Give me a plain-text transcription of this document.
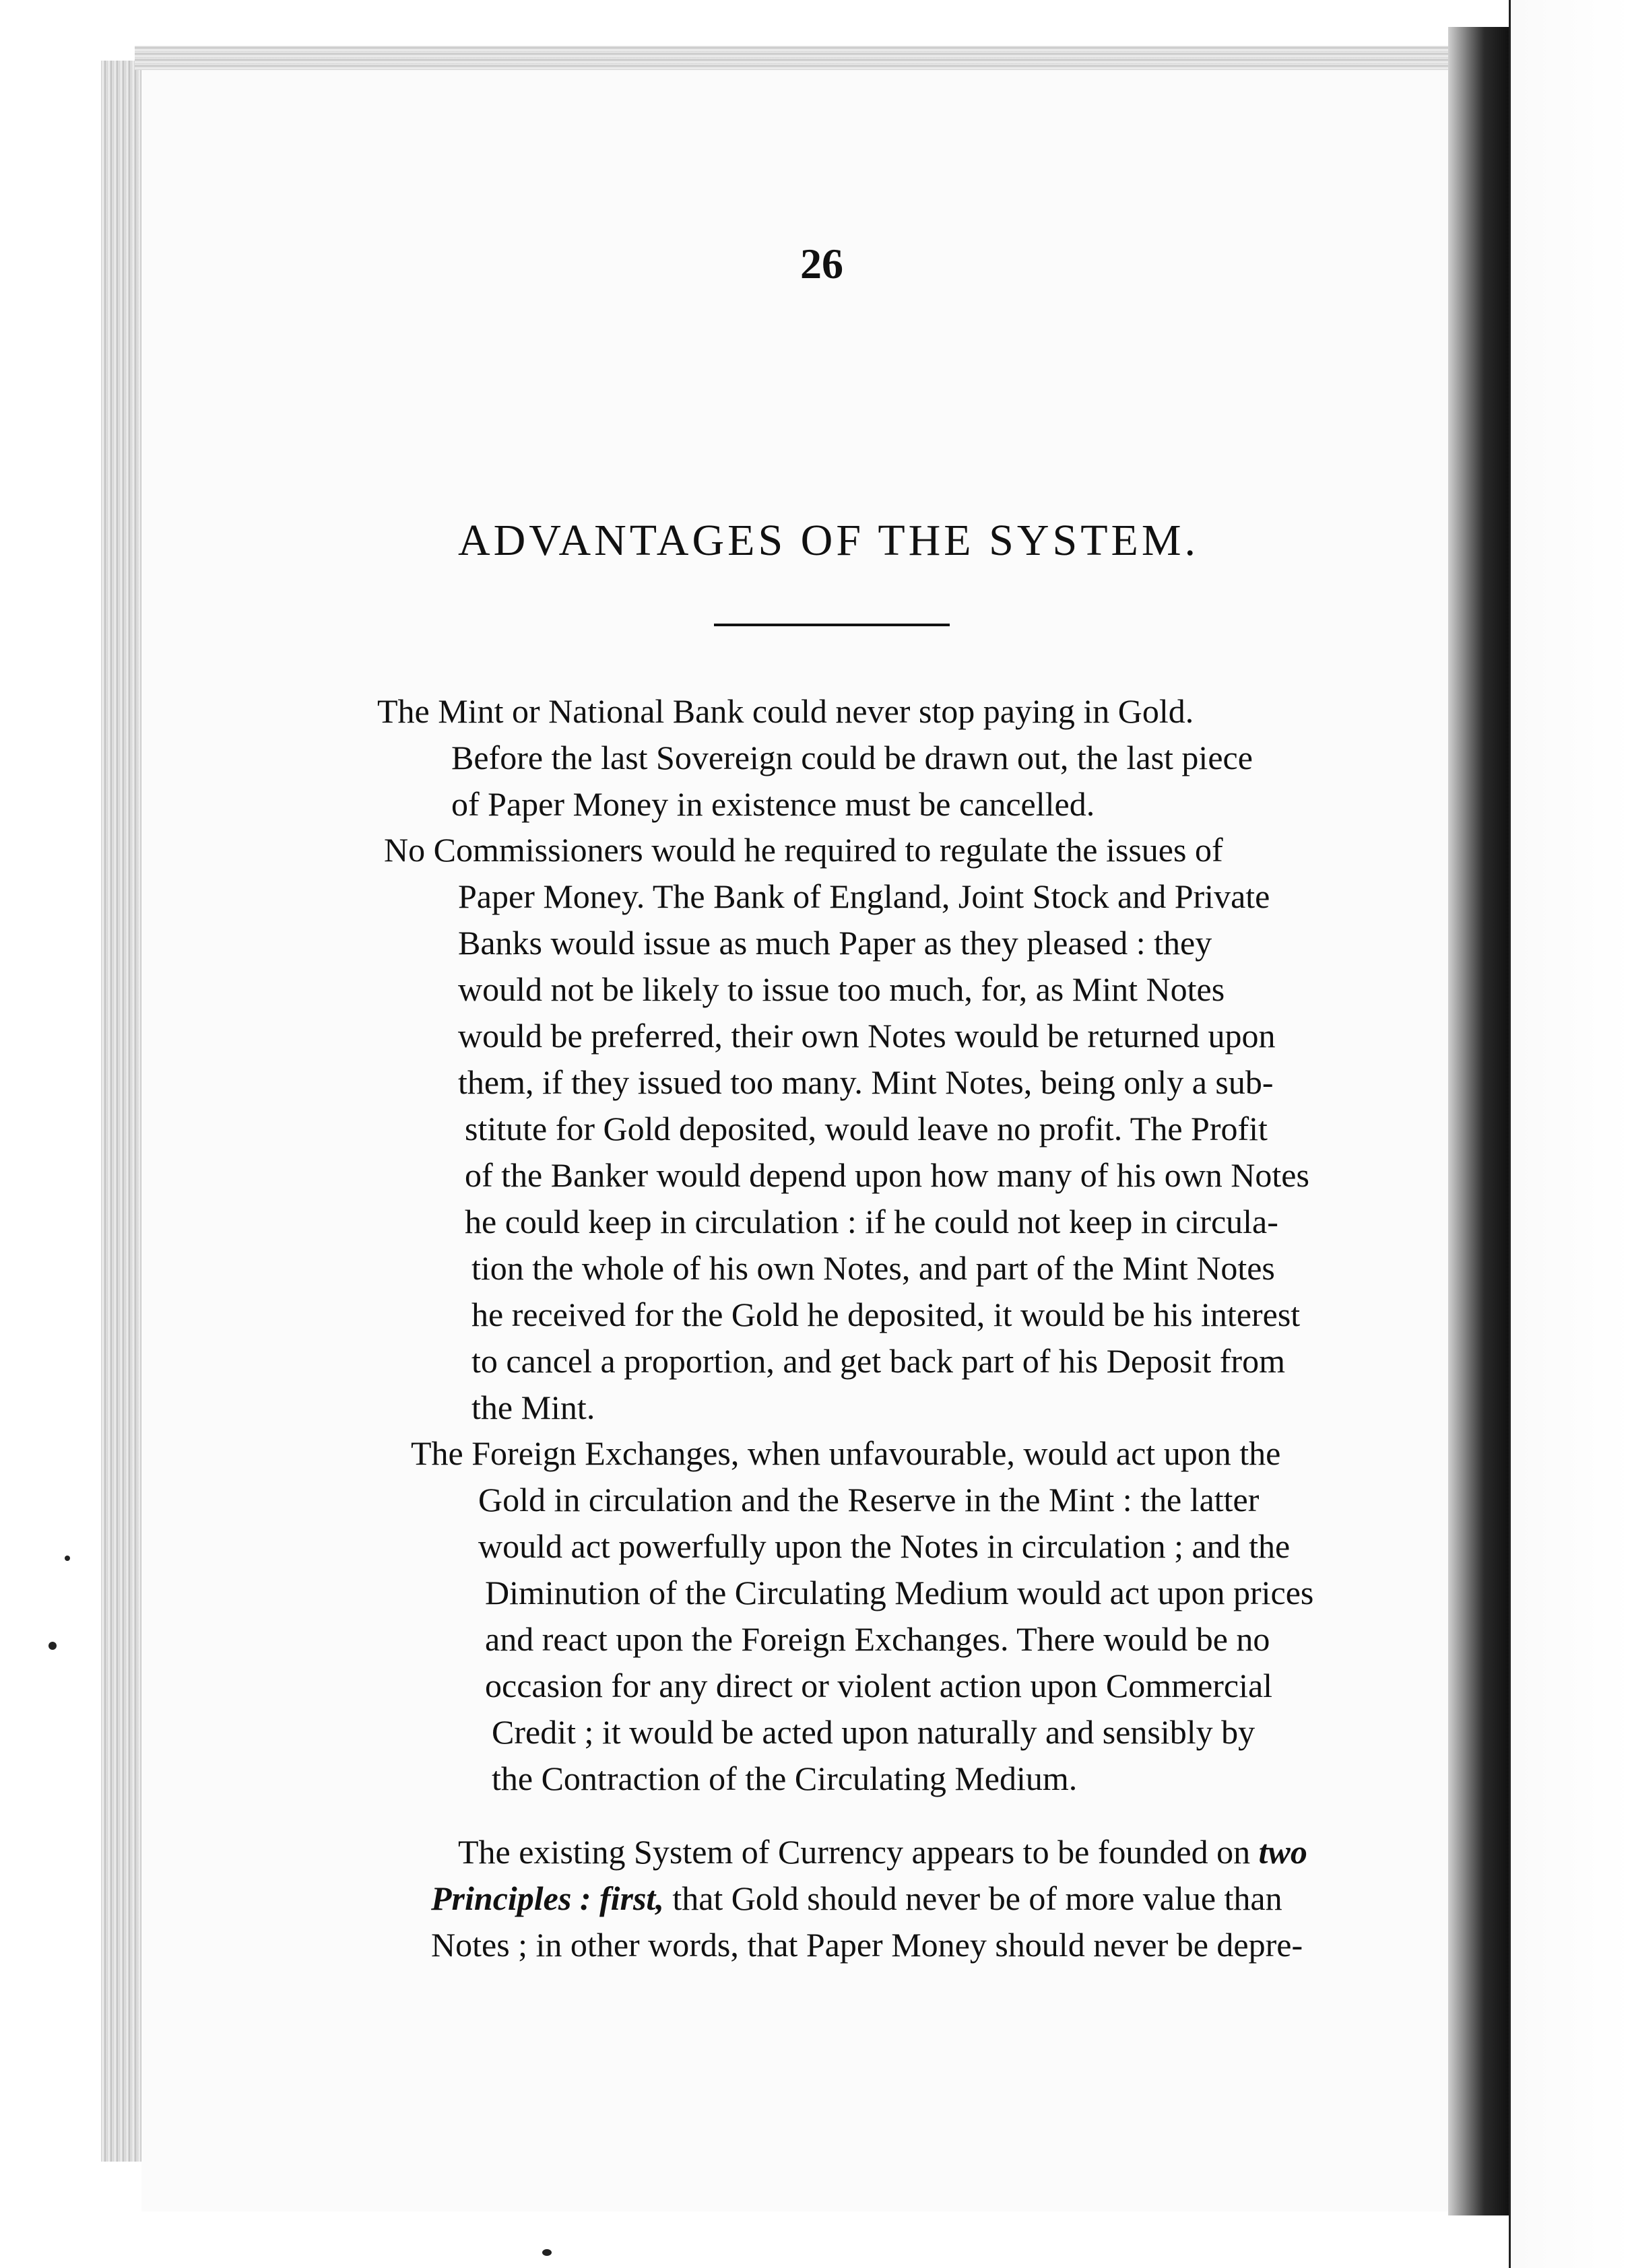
26
ADVANTAGES OF THE SYSTEM.
The Mint or National Bank could never stop paying in Gold.
Before the last Sovereign could be drawn out, the last piece
of Paper Money in existence must be cancelled.
No Commissioners would he required to regulate the issues of
Paper Money. The Bank of England, Joint Stock and Private
Banks would issue as much Paper as they pleased : they
would not be likely to issue too much, for, as Mint Notes
would be preferred, their own Notes would be returned upon
them, if they issued too many. Mint Notes, being only a sub-
stitute for Gold deposited, would leave no profit. The Profit
of the Banker would depend upon how many of his own Notes
he could keep in circulation : if he could not keep in circula-
tion the whole of his own Notes, and part of the Mint Notes
he received for the Gold he deposited, it would be his interest
to cancel a proportion, and get back part of his Deposit from
the Mint.
The Foreign Exchanges, when unfavourable, would act upon the
Gold in circulation and the Reserve in the Mint : the latter
would act powerfully upon the Notes in circulation ; and the
Diminution of the Circulating Medium would act upon prices
and react upon the Foreign Exchanges. There would be no
occasion for any direct or violent action upon Commercial
Credit ; it would be acted upon naturally and sensibly by
the Contraction of the Circulating Medium.
The existing System of Currency appears to be founded on two
Principles : first, that Gold should never be of more value than
Notes ; in other words, that Paper Money should never be depre-
